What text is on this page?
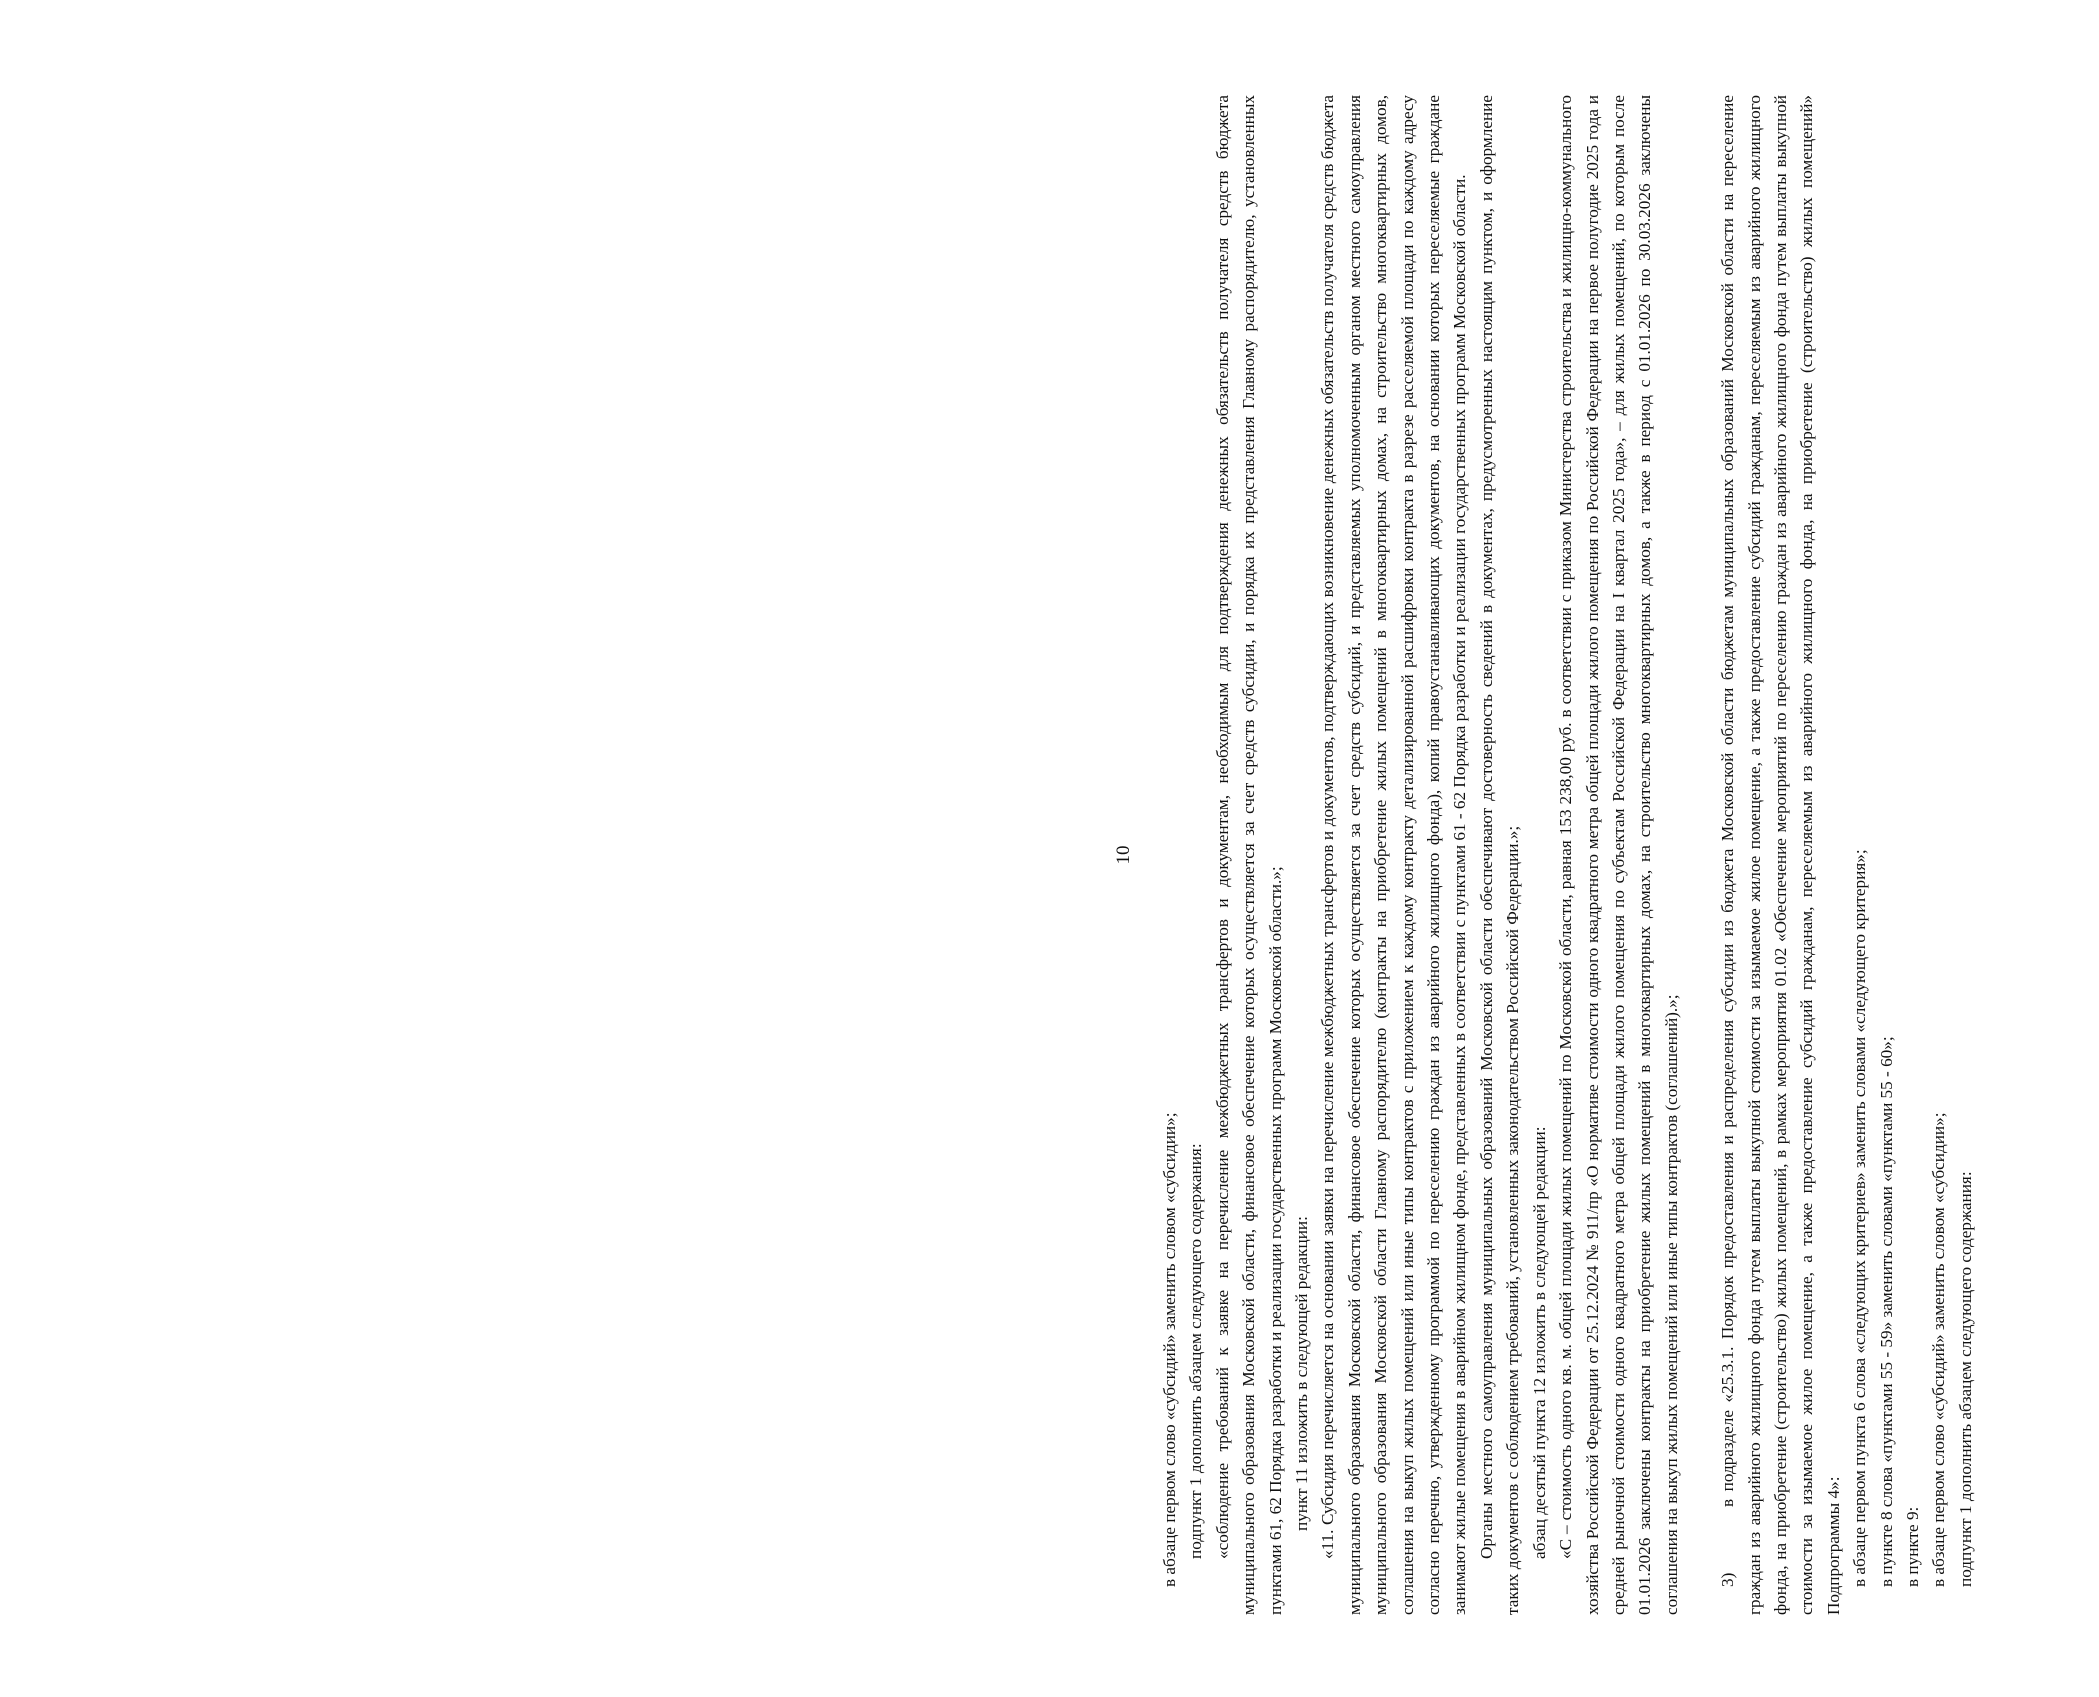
10

в абзаце первом слово «субсидий» заменить словом «субсидии»; подпункт 1 дополнить абзацем следующего содержания: «соблюдение требований к заявке на перечисление межбюджетных трансфертов и документам, необходимым для подтверждения денежных обязательств получателя средств бюджета муниципального образования Московской области, финансовое обеспечение которых осуществляется за счет средств субсидии, и порядка их представления Главному распорядителю, установленных пунктами 61, 62 Порядка разработки и реализации государственных программ Московской области.»; пункт 11 изложить в следующей редакции: «11. Субсидия перечисляется на основании заявки на перечисление межбюджетных трансфертов и документов, подтверждающих возникновение денежных обязательств получателя средств бюджета муниципального образования Московской области, финансовое обеспечение которых осуществляется за счет средств субсидий, и представляемых уполномоченным органом местного самоуправления муниципального образования Московской области Главному распорядителю (контракты на приобретение жилых помещений в многоквартирных домах, на строительство многоквартирных домов, соглашения на выкуп жилых помещений или иные типы контрактов с приложением к каждому контракту детализированной расшифровки контракта в разрезе расселяемой площади по каждому адресу согласно перечню, утвержденному программой по переселению граждан из аварийного жилищного фонда), копий правоустанавливающих документов, на основании которых переселяемые граждане занимают жилые помещения в аварийном жилищном фонде, представленных в соответствии с пунктами 61 - 62 Порядка разработки и реализации государственных программ Московской области. Органы местного самоуправления муниципальных образований Московской области обеспечивают достоверность сведений в документах, предусмотренных настоящим пунктом, и оформление таких документов с соблюдением требований, установленных законодательством Российской Федерации.»; абзац десятый пункта 12 изложить в следующей редакции: «С – стоимость одного кв. м. общей площади жилых помещений по Московской области, равная 153 238,00 руб. в соответствии с приказом Министерства строительства и жилищно-коммунального хозяйства Российской Федерации от 25.12.2024 № 911/пр «О нормативе стоимости одного квадратного метра общей площади жилого помещения по Российской Федерации на первое полугодие 2025 года и средней рыночной стоимости одного квадратного метра общей площади жилого помещения по субъектам Российской Федерации на I квартал 2025 года», – для жилых помещений, по которым после 01.01.2026 заключены контракты на приобретение жилых помещений в многоквартирных домах, на строительство многоквартирных домов, а также в период с 01.01.2026 по 30.03.2026 заключены соглашения на выкуп жилых помещений или иные типы контрактов (соглашений).»; 3)в подразделе «25.3.1. Порядок предоставления и распределения субсидии из бюджета Московской области бюджетам муниципальных образований Московской области на переселение граждан из аварийного жилищного фонда путем выплаты выкупной стоимости за изымаемое жилое помещение, а также предоставление субсидий гражданам, переселяемым из аварийного жилищного фонда, на приобретение (строительство) жилых помещений, в рамках мероприятия 01.02 «Обеспечение мероприятий по переселению граждан из аварийного жилищного фонда путем выплаты выкупной стоимости за изымаемое жилое помещение, а также предоставление субсидий гражданам, переселяемым из аварийного жилищного фонда, на приобретение (строительство) жилых помещений» Подпрограммы 4»: в абзаце первом пункта 6 слова «следующих критериев» заменить словами «следующего критерия»; в пункте 8 слова «пунктами 55 - 59» заменить словами «пунктами 55 - 60»; в пункте 9: в абзаце первом слово «субсидий» заменить словом «субсидии»; подпункт 1 дополнить абзацем следующего содержания:
